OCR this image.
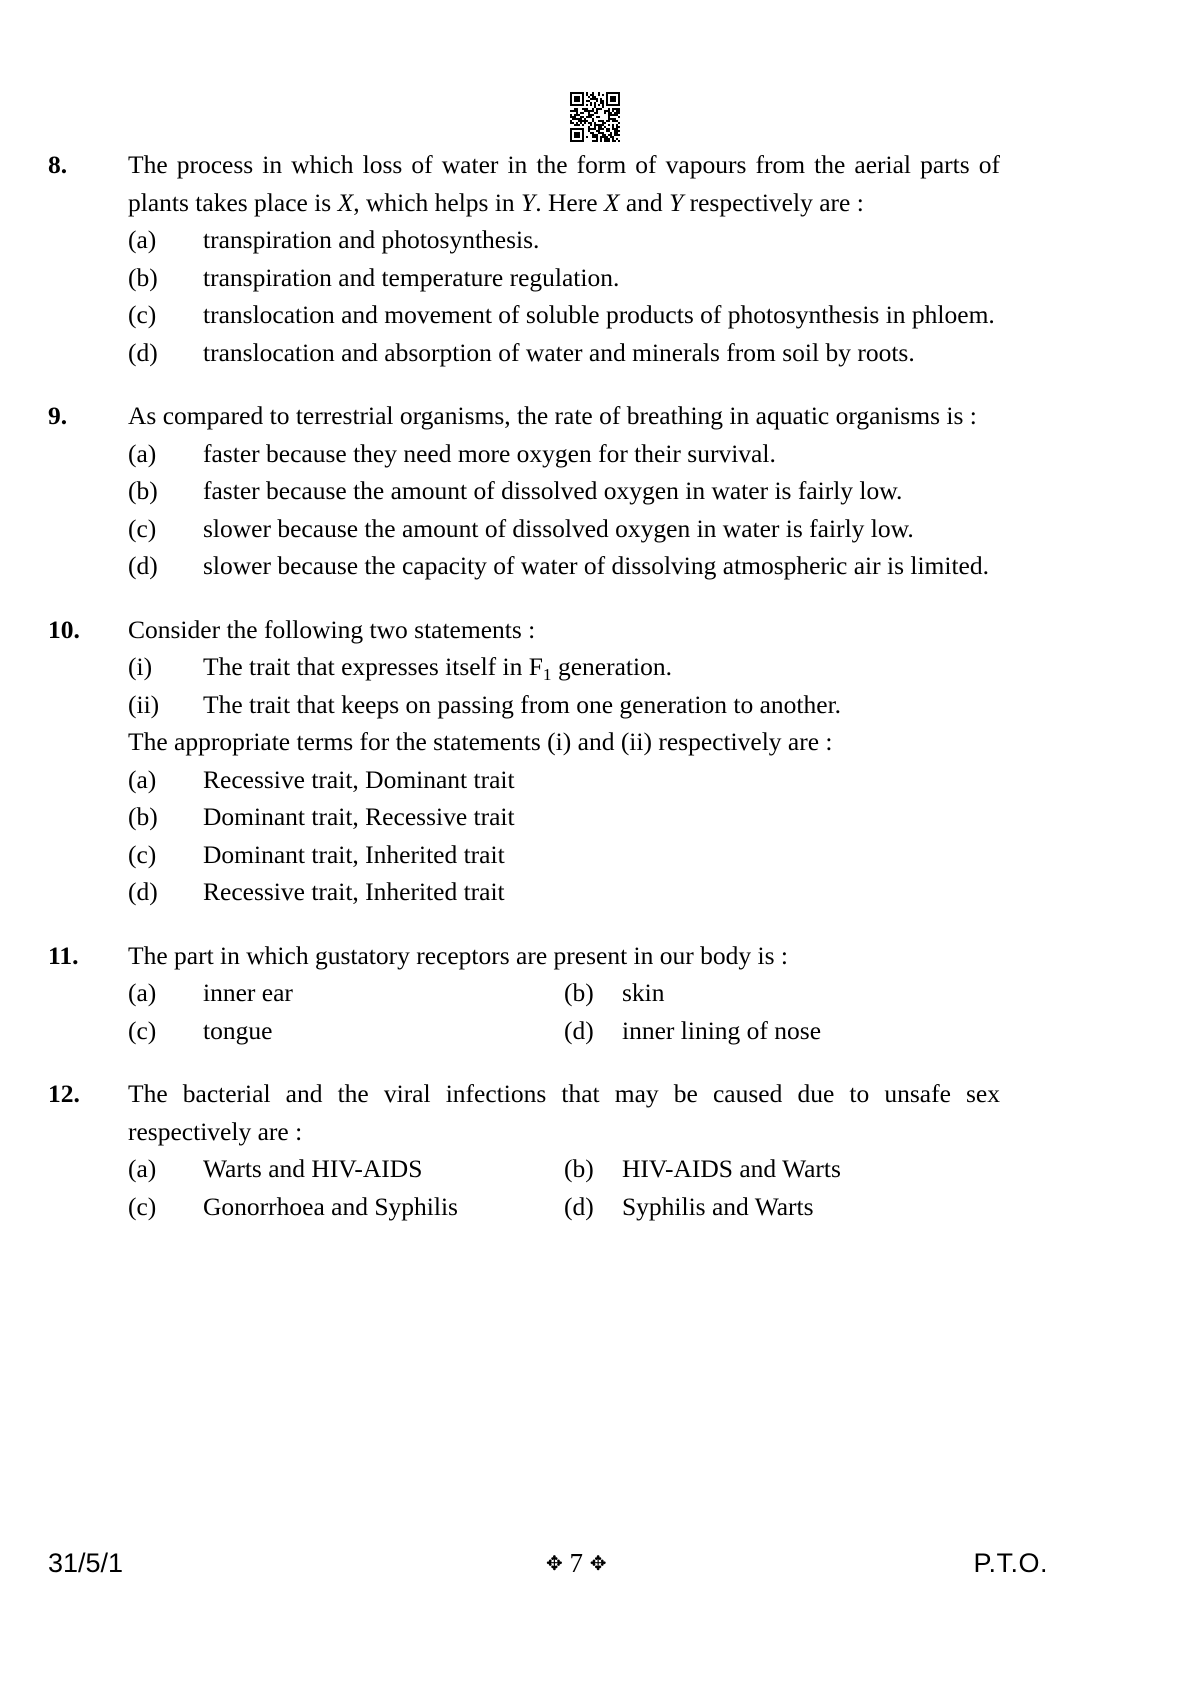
8.	The process in which loss of water in the form of vapours from the aerial parts of plants takes place is X, which helps in Y. Here X and Y respectively are :

(a)	transpiration and photosynthesis.

(b)	transpiration and temperature regulation.

(c)	translocation and movement of soluble products of photosynthesis in phloem.

(d)	translocation and absorption of water and minerals from soil by roots.

9.	As compared to terrestrial organisms, the rate of breathing in aquatic organisms is :

(a)	faster because they need more oxygen for their survival.

(b)	faster because the amount of dissolved oxygen in water is fairly low.

(c)	slower because the amount of dissolved oxygen in water is fairly low.

(d)	slower because the capacity of water of dissolving atmospheric air is limited.

10.	Consider the following two statements :

(i)	The trait that expresses itself in $F_1$ generation.

(ii)	The trait that keeps on passing from one generation to another.

The appropriate terms for the statements (i) and (ii) respectively are :

(a)	Recessive trait, Dominant trait

(b)	Dominant trait, Recessive trait

(c)	Dominant trait, Inherited trait

(d)	Recessive trait, Inherited trait

11.	The part in which gustatory receptors are present in our body is :

(a)	inner ear	(b)	skin

(c)	tongue	(d)	inner lining of nose

12.	The bacterial and the viral infections that may be caused due to unsafe sex respectively are :

(a)	Warts and HIV-AIDS	(b)	HIV-AIDS and Warts

(c)	Gonorrhoea and Syphilis	(d)	Syphilis and Warts

31/5/1	✥ 7 ✥	P.T.O.
